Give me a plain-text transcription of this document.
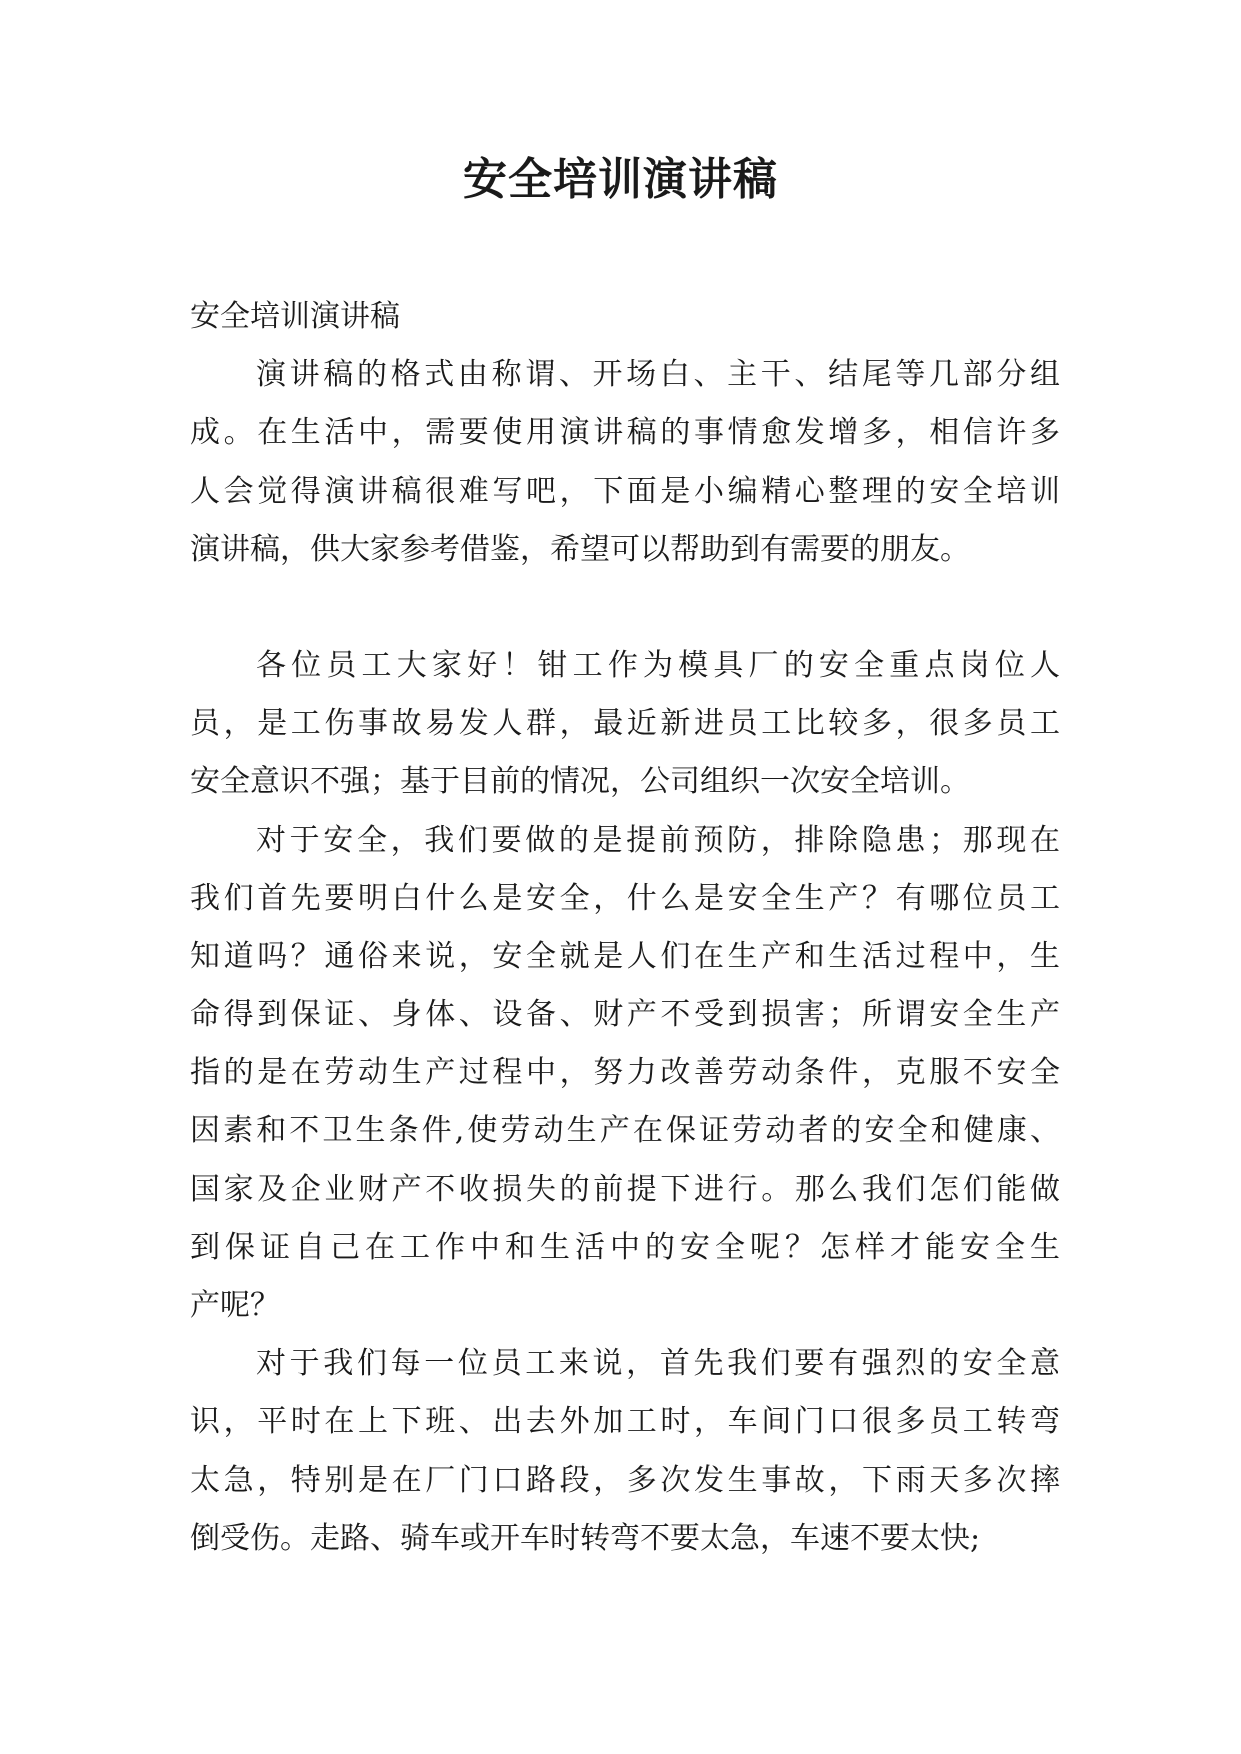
安全培训演讲稿
安全培训演讲稿
演讲稿的格式由称谓、开场白、主干、结尾等几部分组
成。在生活中，需要使用演讲稿的事情愈发增多，相信许多
人会觉得演讲稿很难写吧，下面是小编精心整理的安全培训
演讲稿，供大家参考借鉴，希望可以帮助到有需要的朋友。
各位员工大家好！钳工作为模具厂的安全重点岗位人
员，是工伤事故易发人群，最近新进员工比较多，很多员工
安全意识不强；基于目前的情况，公司组织一次安全培训。
对于安全，我们要做的是提前预防，排除隐患；那现在
我们首先要明白什么是安全，什么是安全生产？有哪位员工
知道吗？通俗来说，安全就是人们在生产和生活过程中，生
命得到保证、身体、设备、财产不受到损害；所谓安全生产
指的是在劳动生产过程中，努力改善劳动条件，克服不安全
因素和不卫生条件,使劳动生产在保证劳动者的安全和健康、
国家及企业财产不收损失的前提下进行。那么我们怎们能做
到保证自己在工作中和生活中的安全呢？怎样才能安全生
产呢？
对于我们每一位员工来说，首先我们要有强烈的安全意
识，平时在上下班、出去外加工时，车间门口很多员工转弯
太急，特别是在厂门口路段，多次发生事故，下雨天多次摔
倒受伤。走路、骑车或开车时转弯不要太急，车速不要太快;
